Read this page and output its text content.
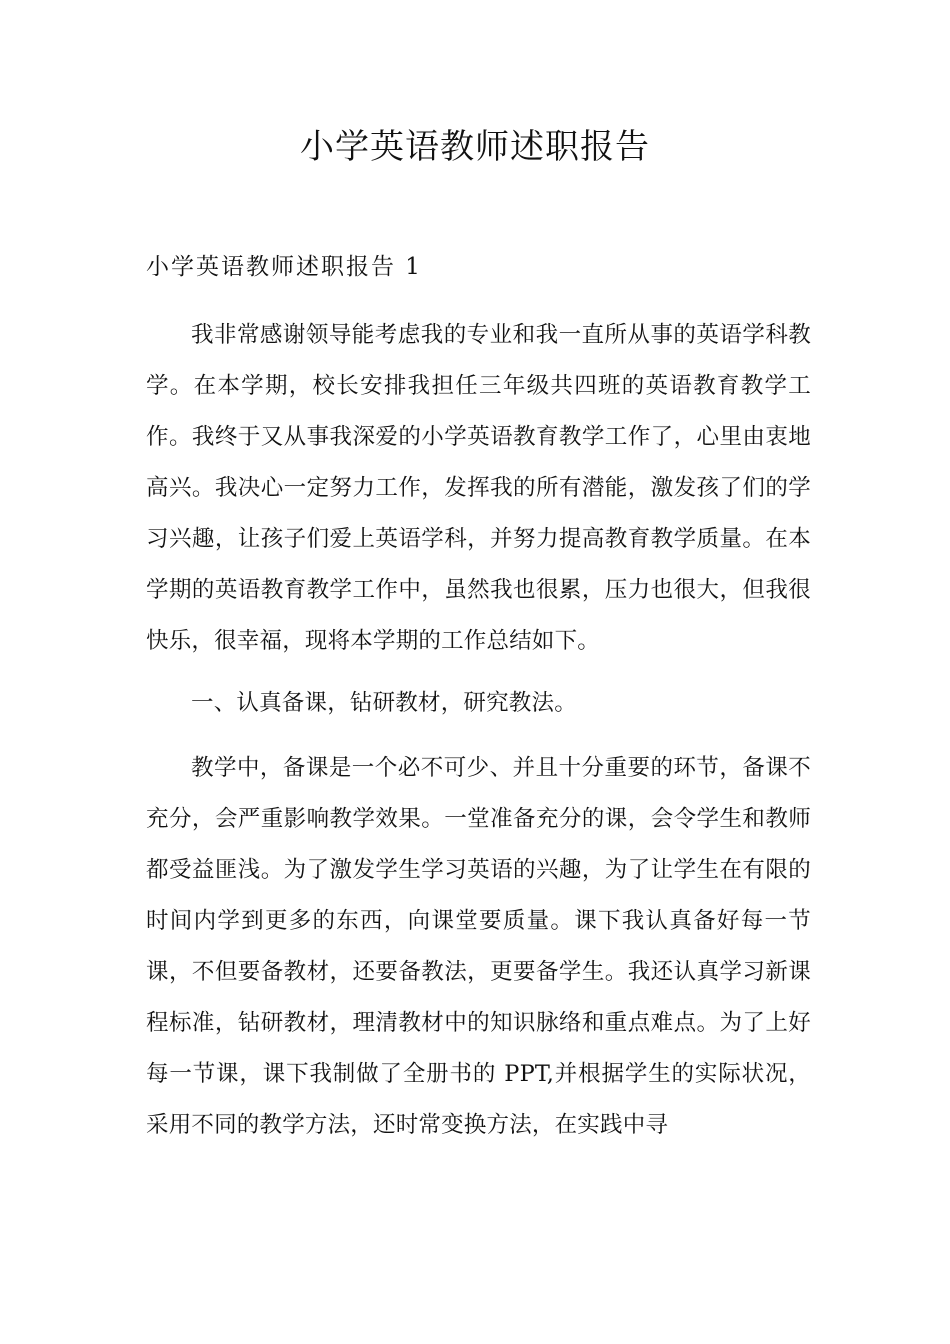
小学英语教师述职报告
小学英语教师述职报告 1

我非常感谢领导能考虑我的专业和我一直所从事的英语学科教学。在本学期，校长安排我担任三年级共四班的英语教育教学工作。我终于又从事我深爱的小学英语教育教学工作了，心里由衷地高兴。我决心一定努力工作，发挥我的所有潜能，激发孩了们的学习兴趣，让孩子们爱上英语学科，并努力提高教育教学质量。在本学期的英语教育教学工作中，虽然我也很累，压力也很大，但我很快乐，很幸福，现将本学期的工作总结如下。

一、认真备课，钻研教材，研究教法。

教学中，备课是一个必不可少、并且十分重要的环节，备课不充分，会严重影响教学效果。一堂准备充分的课，会令学生和教师都受益匪浅。为了激发学生学习英语的兴趣，为了让学生在有限的时间内学到更多的东西，向课堂要质量。课下我认真备好每一节课，不但要备教材，还要备教法，更要备学生。我还认真学习新课程标准，钻研教材，理清教材中的知识脉络和重点难点。为了上好每一节课，课下我制做了全册书的 PPT,并根据学生的实际状况，采用不同的教学方法，还时常变换方法，在实践中寻
